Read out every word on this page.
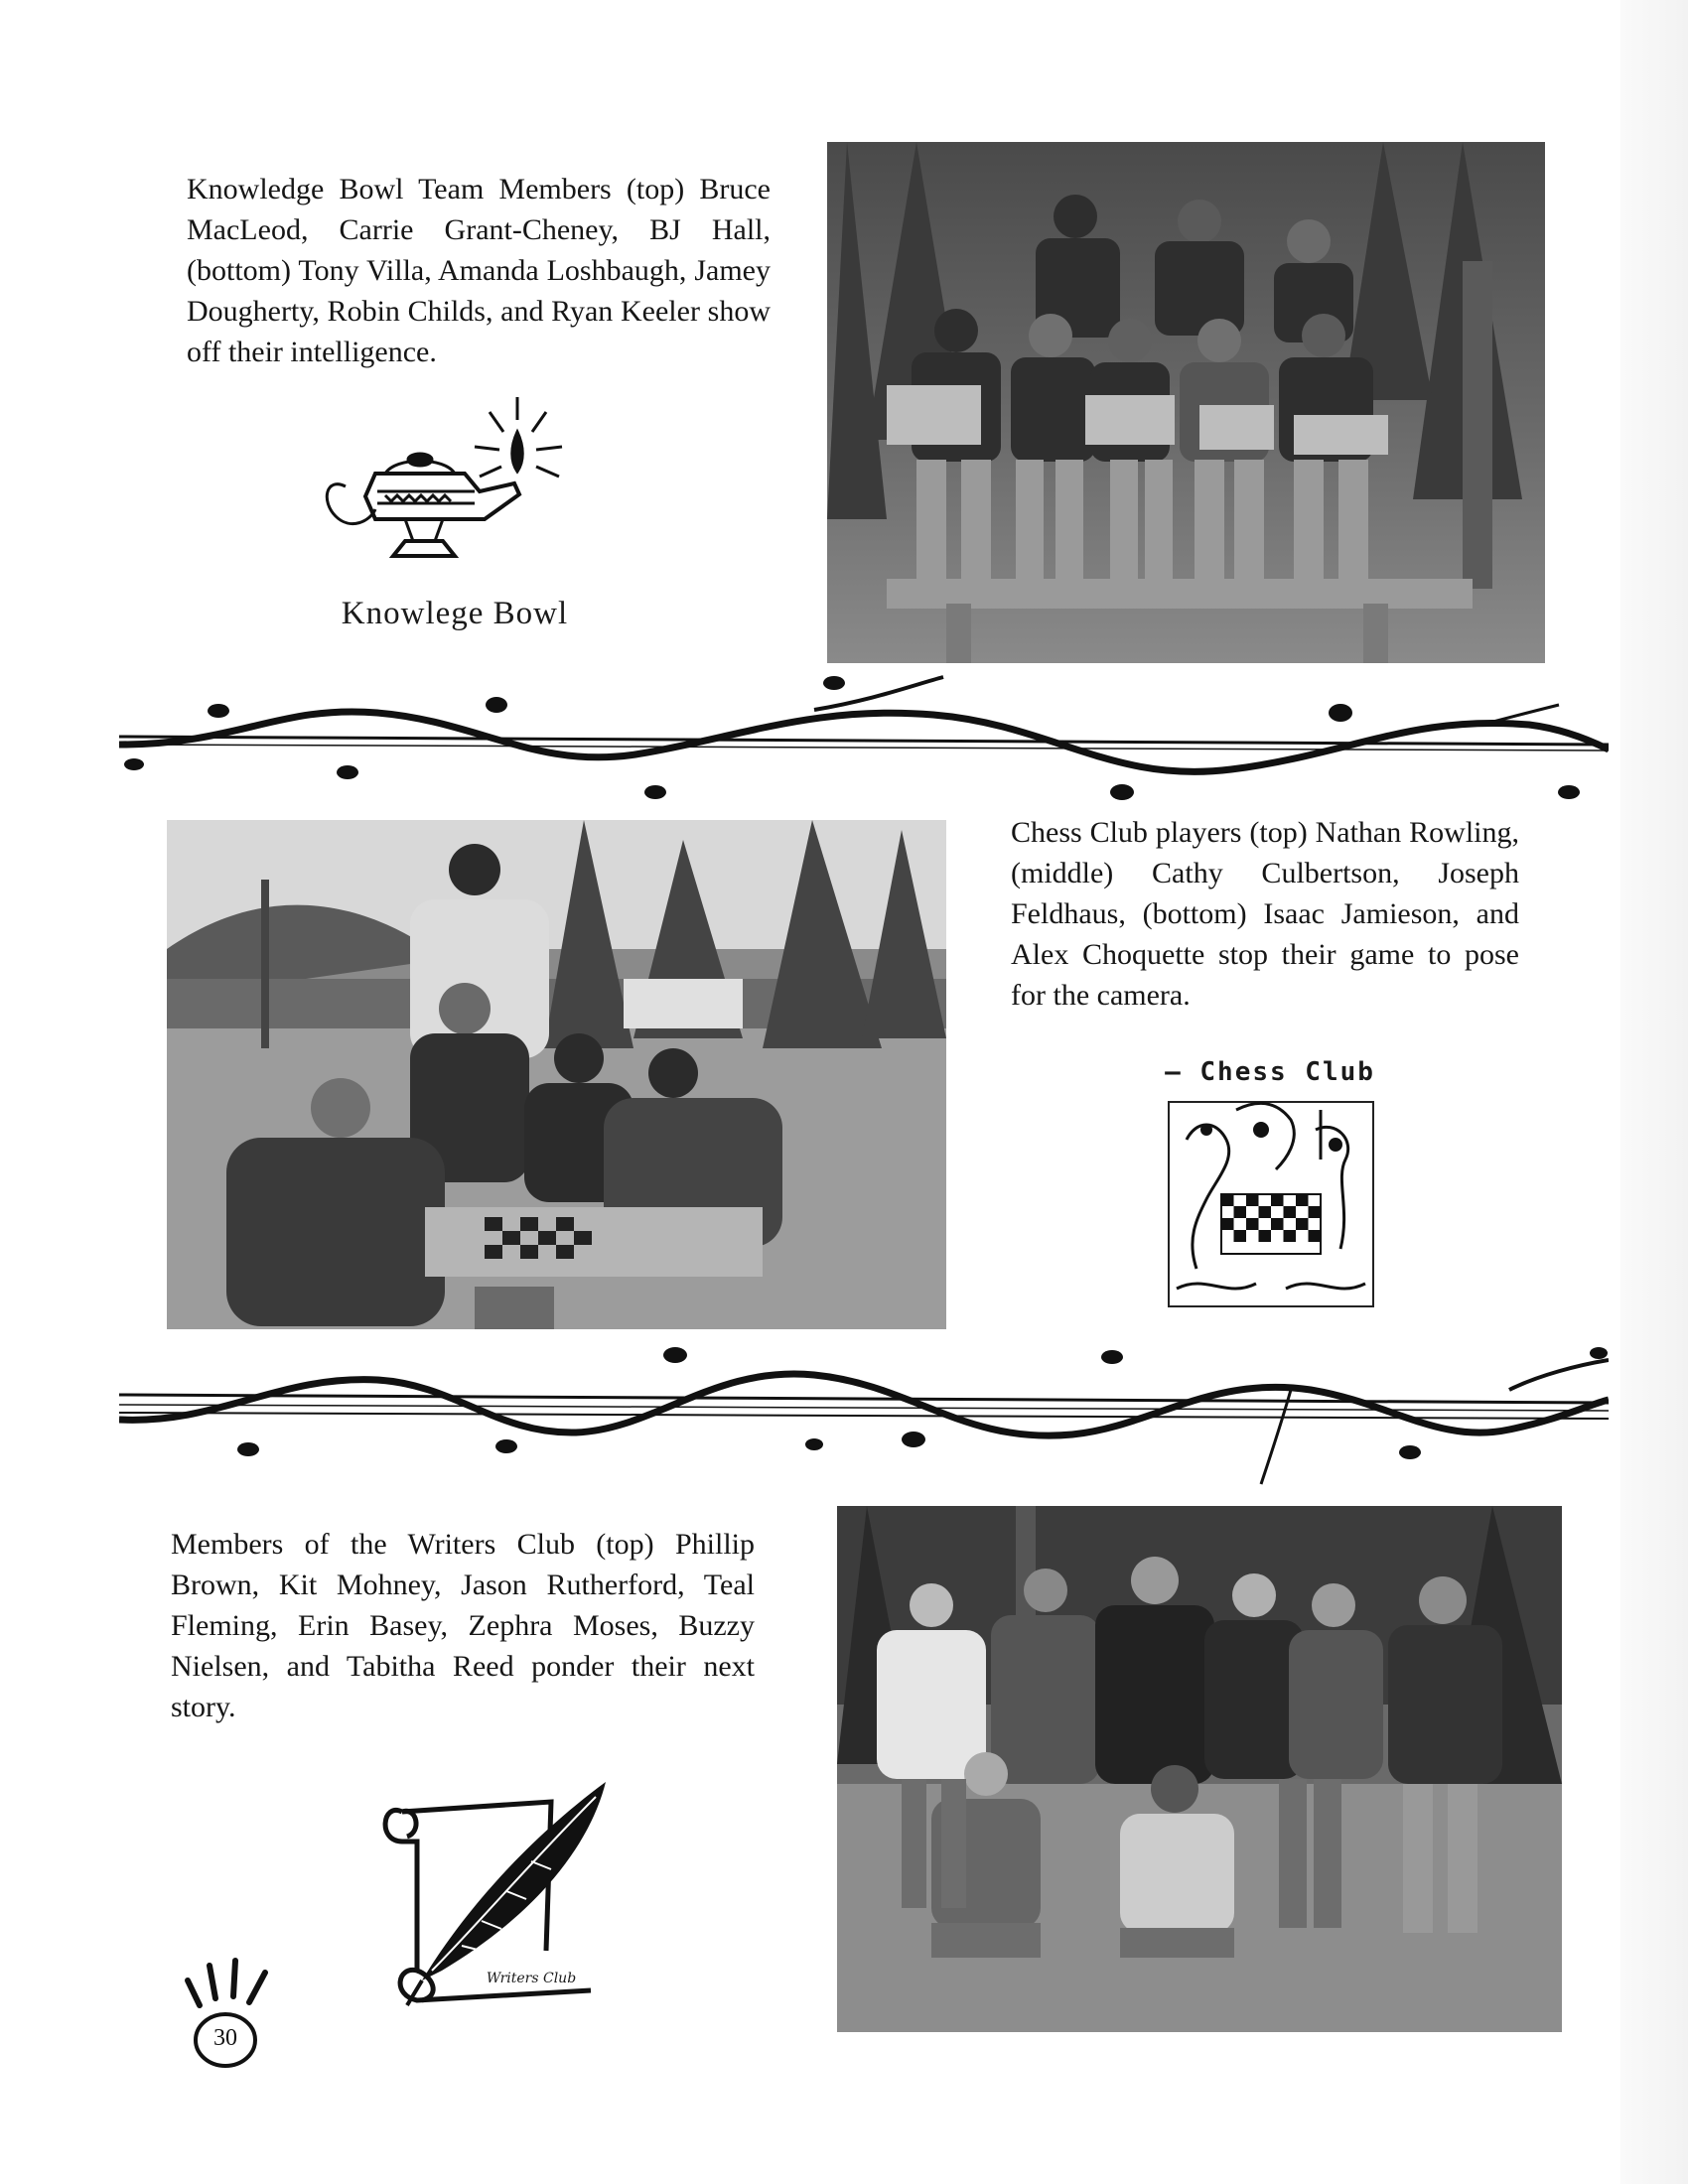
Knowledge Bowl Team Members (top) Bruce MacLeod, Carrie Grant-Cheney, BJ Hall, (bottom) Tony Villa, Amanda Loshbaugh, Jamey Dougherty, Robin Childs, and Ryan Keeler show off their intelligence.

Knowlege Bowl

Chess Club players (top) Nathan Rowling, (middle) Cathy Culbertson, Joseph Feldhaus, (bottom) Isaac Jamieson, and Alex Choquette stop their game to pose for the camera.

— Chess Club

Members of the Writers Club (top) Phillip Brown, Kit Mohney, Jason Rutherford, Teal Fleming, Erin Basey, Zephra Moses, Buzzy Nielsen, and Tabitha Reed ponder their next story.

Writers Club
30
